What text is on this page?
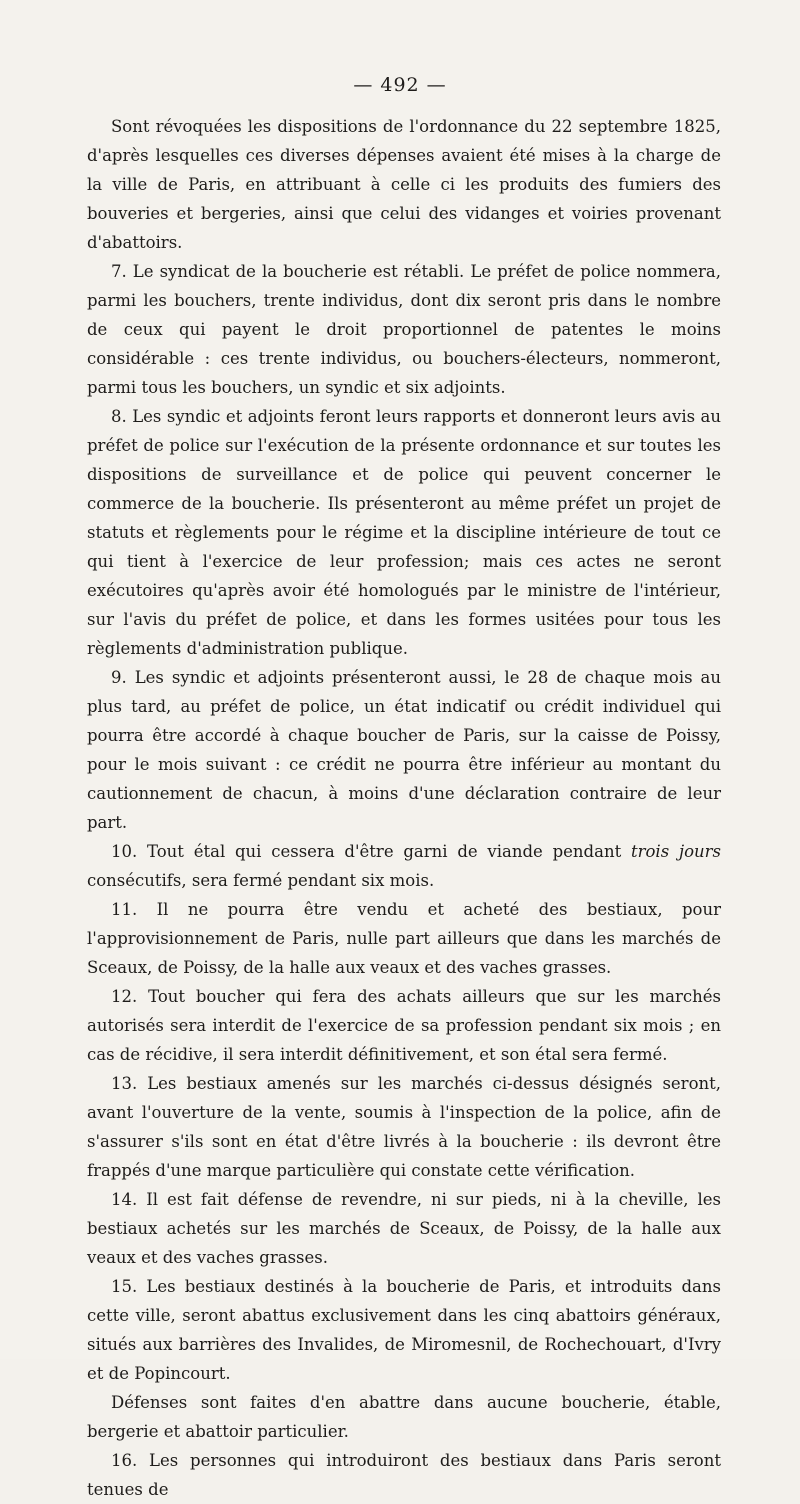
— 492 —

Sont révoquées les dispositions de l'ordonnance du 22 septembre 1825, d'après lesquelles ces diverses dépenses avaient été mises à la charge de la ville de Paris, en attribuant à celle ci les produits des fumiers des bouveries et bergeries, ainsi que celui des vidanges et voiries provenant d'abattoirs.

7. Le syndicat de la boucherie est rétabli. Le préfet de police nommera, parmi les bouchers, trente individus, dont dix seront pris dans le nombre de ceux qui payent le droit proportionnel de patentes le moins considérable : ces trente individus, ou bouchers-électeurs, nommeront, parmi tous les bouchers, un syndic et six adjoints.

8. Les syndic et adjoints feront leurs rapports et donneront leurs avis au préfet de police sur l'exécution de la présente ordonnance et sur toutes les dispositions de surveillance et de police qui peuvent concerner le commerce de la boucherie. Ils présenteront au même préfet un projet de statuts et règlements pour le régime et la discipline intérieure de tout ce qui tient à l'exercice de leur profession; mais ces actes ne seront exécutoires qu'après avoir été homologués par le ministre de l'intérieur, sur l'avis du préfet de police, et dans les formes usitées pour tous les règlements d'administration publique.

9. Les syndic et adjoints présenteront aussi, le 28 de chaque mois au plus tard, au préfet de police, un état indicatif ou crédit individuel qui pourra être accordé à chaque boucher de Paris, sur la caisse de Poissy, pour le mois suivant : ce crédit ne pourra être inférieur au montant du cautionnement de chacun, à moins d'une déclaration contraire de leur part.

10. Tout étal qui cessera d'être garni de viande pendant trois jours consécutifs, sera fermé pendant six mois.

11. Il ne pourra être vendu et acheté des bestiaux, pour l'approvisionnement de Paris, nulle part ailleurs que dans les marchés de Sceaux, de Poissy, de la halle aux veaux et des vaches grasses.

12. Tout boucher qui fera des achats ailleurs que sur les marchés autorisés sera interdit de l'exercice de sa profession pendant six mois ; en cas de récidive, il sera interdit définitivement, et son étal sera fermé.

13. Les bestiaux amenés sur les marchés ci-dessus désignés seront, avant l'ouverture de la vente, soumis à l'inspection de la police, afin de s'assurer s'ils sont en état d'être livrés à la boucherie : ils devront être frappés d'une marque particulière qui constate cette vérification.

14. Il est fait défense de revendre, ni sur pieds, ni à la cheville, les bestiaux achetés sur les marchés de Sceaux, de Poissy, de la halle aux veaux et des vaches grasses.

15. Les bestiaux destinés à la boucherie de Paris, et introduits dans cette ville, seront abattus exclusivement dans les cinq abattoirs généraux, situés aux barrières des Invalides, de Miromesnil, de Rochechouart, d'Ivry et de Popincourt.

Défenses sont faites d'en abattre dans aucune boucherie, étable, bergerie et abattoir particulier.

16. Les personnes qui introduiront des bestiaux dans Paris seront tenues de
